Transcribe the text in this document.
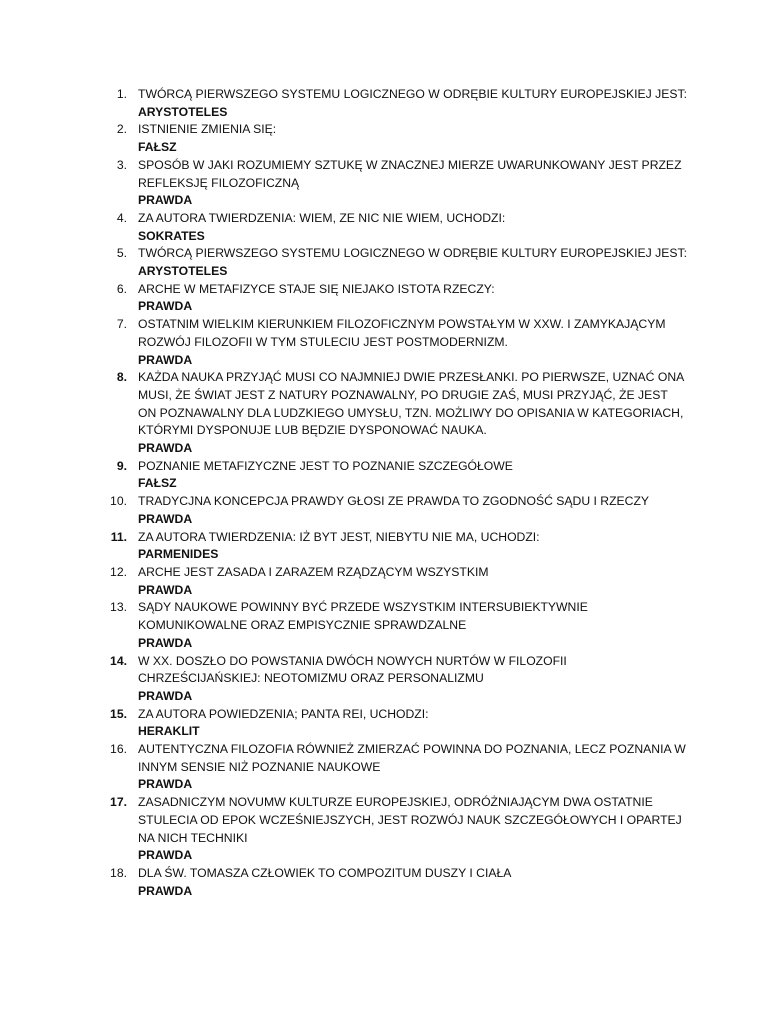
1. TWÓRCĄ PIERWSZEGO SYSTEMU LOGICZNEGO W ODRĘBIE KULTURY EUROPEJSKIEJ JEST:
ARYSTOTELES
2. ISTNIENIE ZMIENIA SIĘ:
FAŁSZ
3. SPOSÓB W JAKI ROZUMIEMY SZTUKĘ W ZNACZNEJ MIERZE UWARUNKOWANY JEST PRZEZ REFLEKSJĘ FILOZOFICZNĄ
PRAWDA
4. ZA AUTORA TWIERDZENIA: WIEM, ZE NIC NIE WIEM, UCHODZI:
SOKRATES
5. TWÓRCĄ PIERWSZEGO SYSTEMU LOGICZNEGO W ODRĘBIE KULTURY EUROPEJSKIEJ JEST:
ARYSTOTELES
6. ARCHE W METAFIZYCE STAJE SIĘ NIEJAKO ISTOTA RZECZY:
PRAWDA
7. OSTATNIM WIELKIM KIERUNKIEM FILOZOFICZNYM POWSTAŁYM W XXW. I ZAMYKAJĄCYM ROZWÓJ FILOZOFII W TYM STULECIU JEST POSTMODERNIZM.
PRAWDA
8. KAŻDA NAUKA PRZYJĄĆ MUSI CO NAJMNIEJ DWIE PRZESŁANKI. PO PIERWSZE, UZNAĆ ONA MUSI, ŻE ŚWIAT JEST Z NATURY POZNAWALNY, PO DRUGIE ZAŚ, MUSI PRZYJĄĆ, ŻE JEST ON POZNAWALNY DLA LUDZKIEGO UMYSŁU, TZN. MOŻLIWY DO OPISANIA W KATEGORIACH, KTÓRYMI DYSPONUJE LUB BĘDZIE DYSPONOWAĆ NAUKA.
PRAWDA
9. POZNANIE METAFIZYCZNE JEST TO POZNANIE SZCZEGÓŁOWE
FAŁSZ
10. TRADYCJNA KONCEPCJA PRAWDY GŁOSI ZE PRAWDA TO ZGODNOŚĆ SĄDU I RZECZY
PRAWDA
11. ZA AUTORA TWIERDZENIA: IŻ BYT JEST, NIEBYTU NIE MA, UCHODZI:
PARMENIDES
12. ARCHE JEST ZASADA I ZARAZEM RZĄDZĄCYM WSZYSTKIM
PRAWDA
13. SĄDY NAUKOWE POWINNY BYĆ PRZEDE WSZYSTKIM INTERSUBIEKTYWNIE KOMUNIKOWALNE ORAZ EMPISYCZNIE SPRAWDZALNE
PRAWDA
14. W XX. DOSZŁO DO POWSTANIA DWÓCH NOWYCH NURTÓW W FILOZOFII CHRZEŚCIJAŃSKIEJ: NEOTOMIZMU ORAZ PERSONALIZMU
PRAWDA
15. ZA AUTORA POWIEDZENIA; PANTA REI, UCHODZI:
HERAKLIT
16. AUTENTYCZNA FILOZOFIA RÓWNIEŻ ZMIERZAĆ POWINNA DO POZNANIA, LECZ POZNANIA W INNYM SENSIE NIŻ POZNANIE NAUKOWE
PRAWDA
17. ZASADNICZYM NOVUMW KULTURZE EUROPEJSKIEJ, ODRÓŻNIAJĄCYM DWA OSTATNIE STULECIA OD EPOK WCZEŚNIEJSZYCH, JEST ROZWÓJ NAUK SZCZEGÓŁOWYCH I OPARTEJ NA NICH TECHNIKI
PRAWDA
18. DLA ŚW. TOMASZA CZŁOWIEK TO COMPOZITUM DUSZY I CIAŁA
PRAWDA
